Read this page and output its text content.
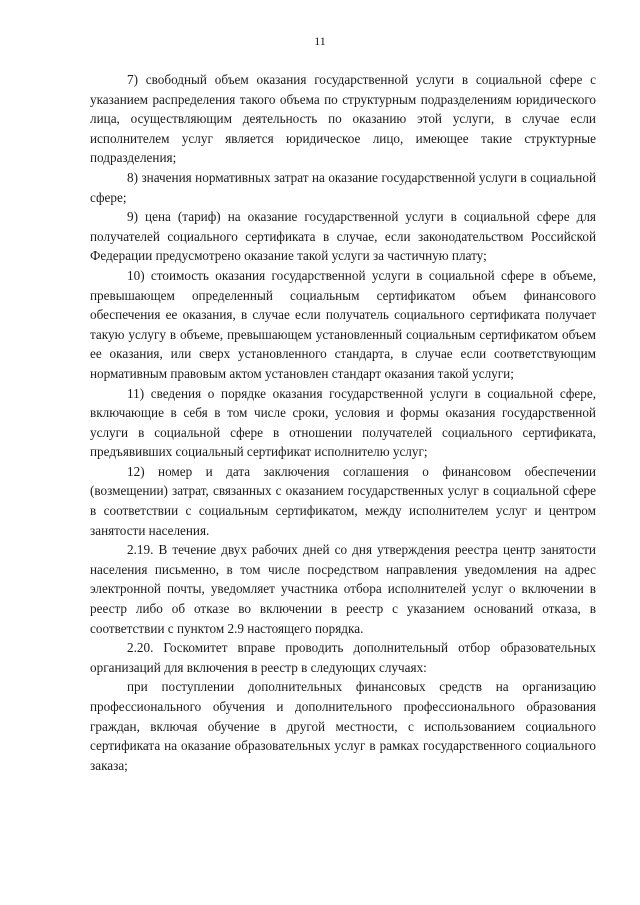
11

7) свободный объем оказания государственной услуги в социальной сфере с указанием распределения такого объема по структурным подразделениям юридического лица, осуществляющим деятельность по оказанию этой услуги, в случае если исполнителем услуг является юридическое лицо, имеющее такие структурные подразделения;

8) значения нормативных затрат на оказание государственной услуги в социальной сфере;

9) цена (тариф) на оказание государственной услуги в социальной сфере для получателей социального сертификата в случае, если законодательством Российской Федерации предусмотрено оказание такой услуги за частичную плату;

10) стоимость оказания государственной услуги в социальной сфере в объеме, превышающем определенный социальным сертификатом объем финансового обеспечения ее оказания, в случае если получатель социального сертификата получает такую услугу в объеме, превышающем установленный социальным сертификатом объем ее оказания, или сверх установленного стандарта, в случае если соответствующим нормативным правовым актом установлен стандарт оказания такой услуги;

11) сведения о порядке оказания государственной услуги в социальной сфере, включающие в себя в том числе сроки, условия и формы оказания государственной услуги в социальной сфере в отношении получателей социального сертификата, предъявивших социальный сертификат исполнителю услуг;

12) номер и дата заключения соглашения о финансовом обеспечении (возмещении) затрат, связанных с оказанием государственных услуг в социальной сфере в соответствии с социальным сертификатом, между исполнителем услуг и центром занятости населения.

2.19. В течение двух рабочих дней со дня утверждения реестра центр занятости населения письменно, в том числе посредством направления уведомления на адрес электронной почты, уведомляет участника отбора исполнителей услуг о включении в реестр либо об отказе во включении в реестр с указанием оснований отказа, в соответствии с пунктом 2.9 настоящего порядка.

2.20. Госкомитет вправе проводить дополнительный отбор образовательных организаций для включения в реестр в следующих случаях:

при поступлении дополнительных финансовых средств на организацию профессионального обучения и дополнительного профессионального образования граждан, включая обучение в другой местности, с использованием социального сертификата на оказание образовательных услуг в рамках государственного социального заказа;
